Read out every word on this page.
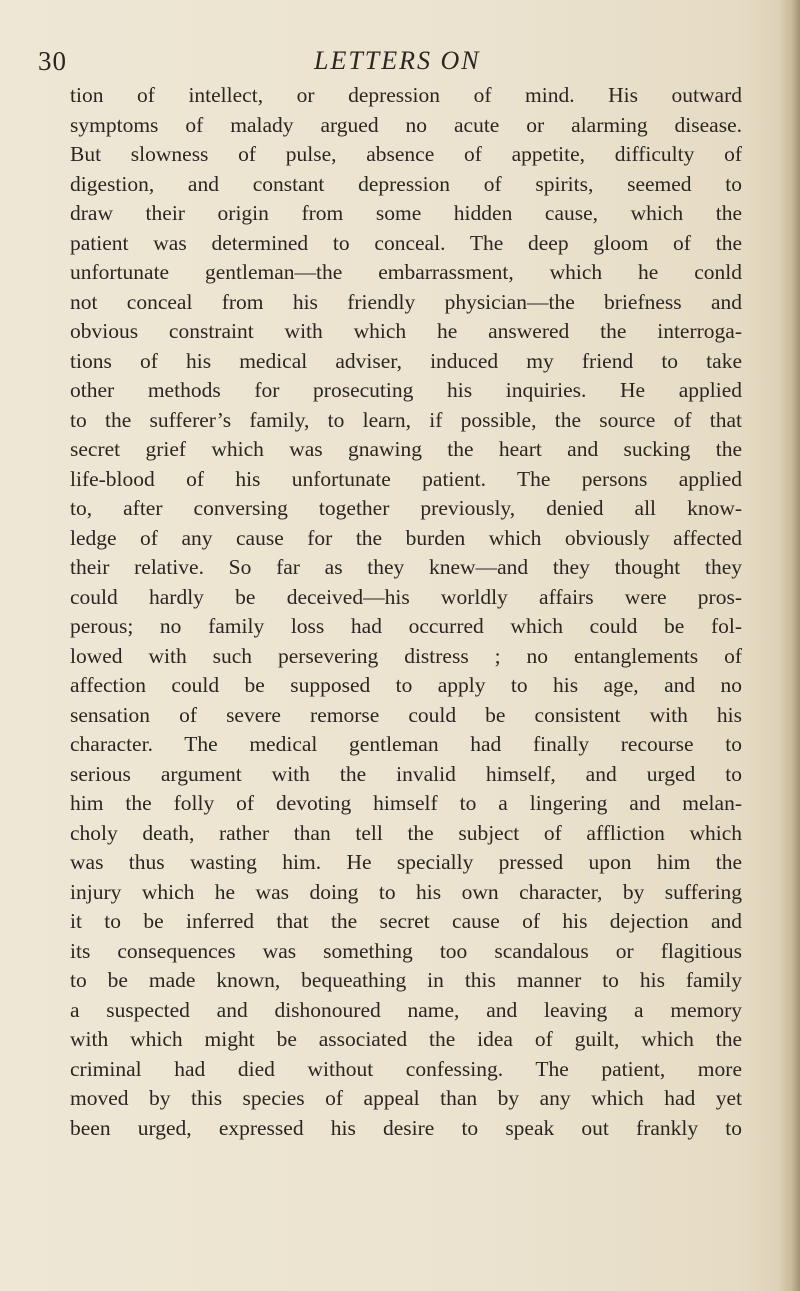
30	LETTERS ON
tion of intellect, or depression of mind. His outward
symptoms of malady argued no acute or alarming disease.
But slowness of pulse, absence of appetite, difficulty of
digestion, and constant depression of spirits, seemed to
draw their origin from some hidden cause, which the
patient was determined to conceal. The deep gloom of the
unfortunate gentleman—the embarrassment, which he conld
not conceal from his friendly physician—the briefness and
obvious constraint with which he answered the interroga-
tions of his medical adviser, induced my friend to take
other methods for prosecuting his inquiries. He applied
to the sufferer’s family, to learn, if possible, the source of that
secret grief which was gnawing the heart and sucking the
life-blood of his unfortunate patient. The persons applied
to, after conversing together previously, denied all know-
ledge of any cause for the burden which obviously affected
their relative. So far as they knew—and they thought they
could hardly be deceived—his worldly affairs were pros-
perous; no family loss had occurred which could be fol-
lowed with such persevering distress ; no entanglements of
affection could be supposed to apply to his age, and no
sensation of severe remorse could be consistent with his
character. The medical gentleman had finally recourse to
serious argument with the invalid himself, and urged to
him the folly of devoting himself to a lingering and melan-
choly death, rather than tell the subject of affliction which
was thus wasting him. He specially pressed upon him the
injury which he was doing to his own character, by suffering
it to be inferred that the secret cause of his dejection and
its consequences was something too scandalous or flagitious
to be made known, bequeathing in this manner to his family
a suspected and dishonoured name, and leaving a memory
with which might be associated the idea of guilt, which the
criminal had died without confessing. The patient, more
moved by this species of appeal than by any which had yet
been urged, expressed his desire to speak out frankly to
